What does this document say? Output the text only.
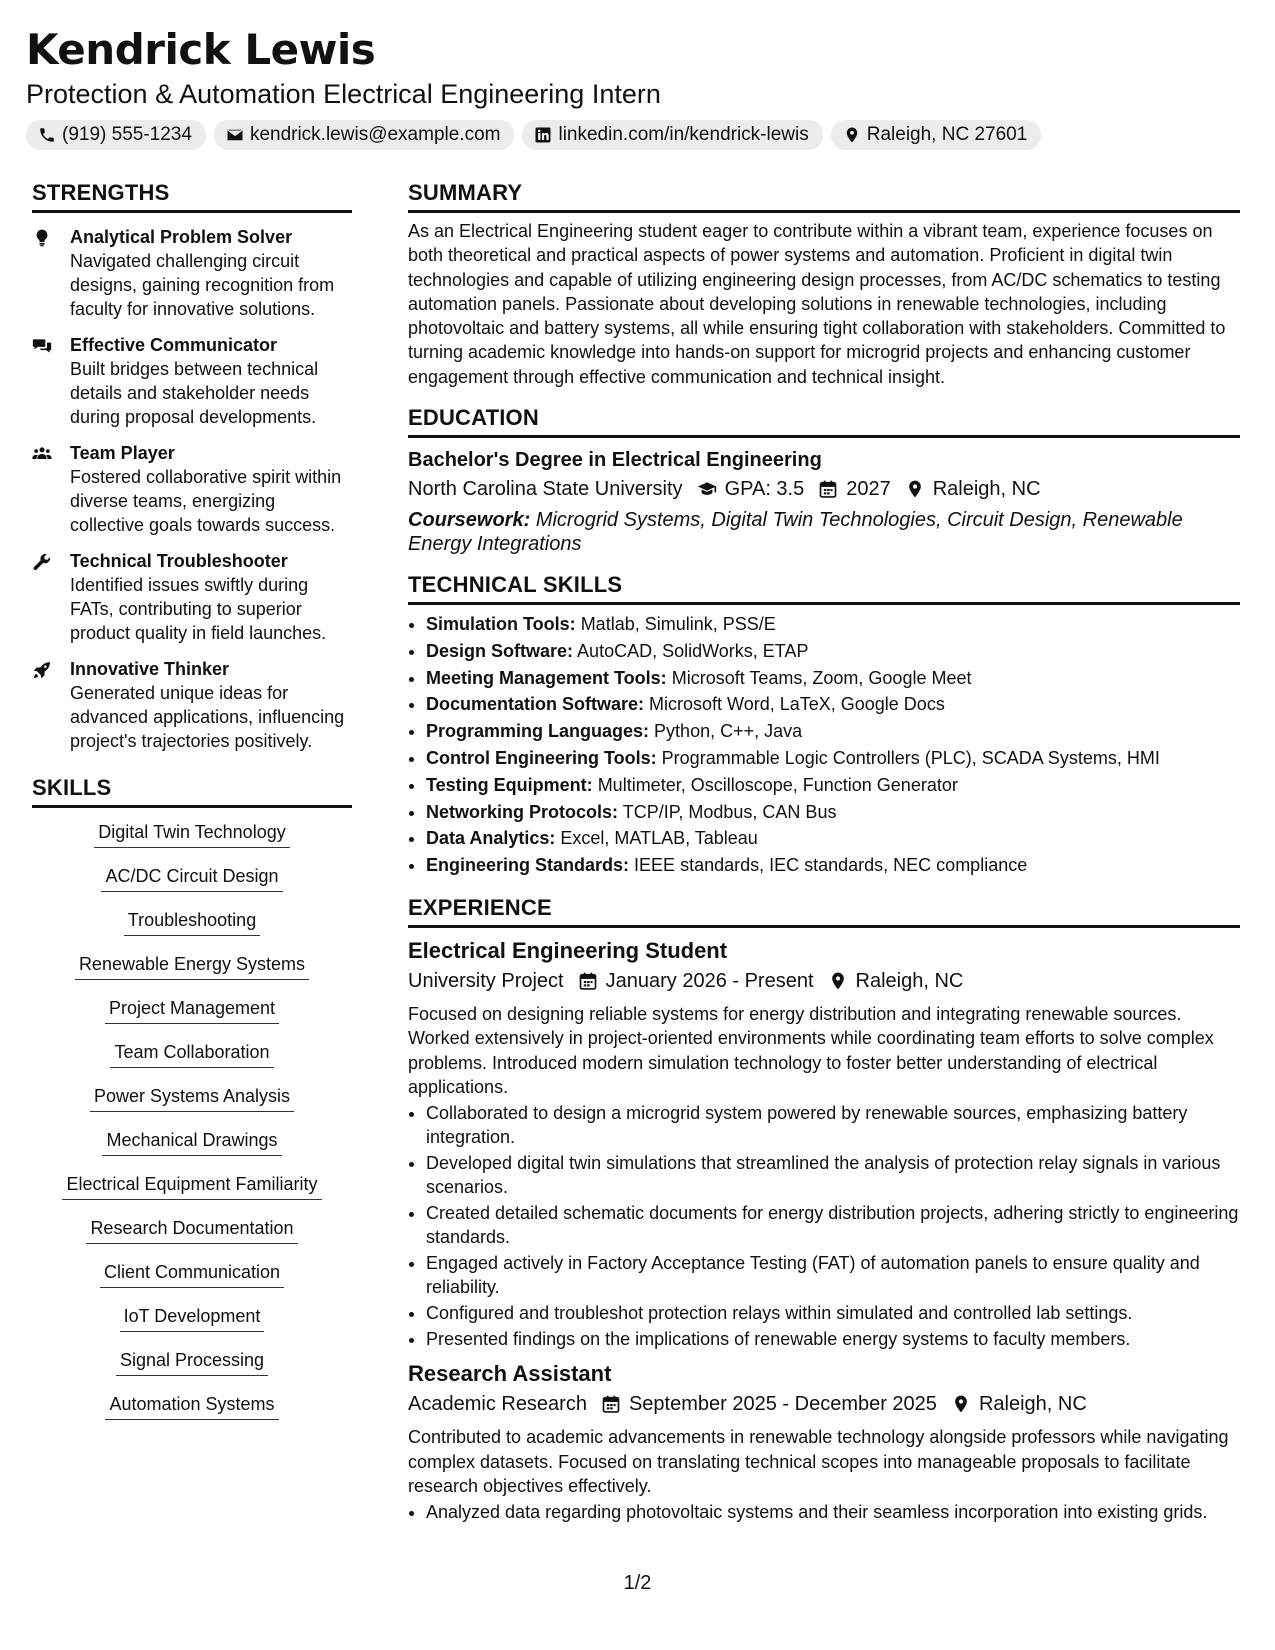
Kendrick Lewis
Protection & Automation Electrical Engineering Intern
(919) 555-1234	kendrick.lewis@example.com	linkedin.com/in/kendrick-lewis	Raleigh, NC 27601
STRENGTHS
Analytical Problem Solver
Navigated challenging circuit designs, gaining recognition from faculty for innovative solutions.
Effective Communicator
Built bridges between technical details and stakeholder needs during proposal developments.
Team Player
Fostered collaborative spirit within diverse teams, energizing collective goals towards success.
Technical Troubleshooter
Identified issues swiftly during FATs, contributing to superior product quality in field launches.
Innovative Thinker
Generated unique ideas for advanced applications, influencing project's trajectories positively.
SKILLS
Digital Twin Technology
AC/DC Circuit Design
Troubleshooting
Renewable Energy Systems
Project Management
Team Collaboration
Power Systems Analysis
Mechanical Drawings
Electrical Equipment Familiarity
Research Documentation
Client Communication
IoT Development
Signal Processing
Automation Systems
SUMMARY
As an Electrical Engineering student eager to contribute within a vibrant team, experience focuses on both theoretical and practical aspects of power systems and automation. Proficient in digital twin technologies and capable of utilizing engineering design processes, from AC/DC schematics to testing automation panels. Passionate about developing solutions in renewable technologies, including photovoltaic and battery systems, all while ensuring tight collaboration with stakeholders. Committed to turning academic knowledge into hands-on support for microgrid projects and enhancing customer engagement through effective communication and technical insight.
EDUCATION
Bachelor's Degree in Electrical Engineering
North Carolina State University GPA: 3.5 2027 Raleigh, NC
Coursework: Microgrid Systems, Digital Twin Technologies, Circuit Design, Renewable Energy Integrations
TECHNICAL SKILLS
• Simulation Tools: Matlab, Simulink, PSS/E
• Design Software: AutoCAD, SolidWorks, ETAP
• Meeting Management Tools: Microsoft Teams, Zoom, Google Meet
• Documentation Software: Microsoft Word, LaTeX, Google Docs
• Programming Languages: Python, C++, Java
• Control Engineering Tools: Programmable Logic Controllers (PLC), SCADA Systems, HMI
• Testing Equipment: Multimeter, Oscilloscope, Function Generator
• Networking Protocols: TCP/IP, Modbus, CAN Bus
• Data Analytics: Excel, MATLAB, Tableau
• Engineering Standards: IEEE standards, IEC standards, NEC compliance
EXPERIENCE
Electrical Engineering Student
University Project January 2026 - Present Raleigh, NC
Focused on designing reliable systems for energy distribution and integrating renewable sources. Worked extensively in project-oriented environments while coordinating team efforts to solve complex problems. Introduced modern simulation technology to foster better understanding of electrical applications.
• Collaborated to design a microgrid system powered by renewable sources, emphasizing battery integration.
• Developed digital twin simulations that streamlined the analysis of protection relay signals in various scenarios.
• Created detailed schematic documents for energy distribution projects, adhering strictly to engineering standards.
• Engaged actively in Factory Acceptance Testing (FAT) of automation panels to ensure quality and reliability.
• Configured and troubleshot protection relays within simulated and controlled lab settings.
• Presented findings on the implications of renewable energy systems to faculty members.
Research Assistant
Academic Research September 2025 - December 2025 Raleigh, NC
Contributed to academic advancements in renewable technology alongside professors while navigating complex datasets. Focused on translating technical scopes into manageable proposals to facilitate research objectives effectively.
• Analyzed data regarding photovoltaic systems and their seamless incorporation into existing grids.
1/2
